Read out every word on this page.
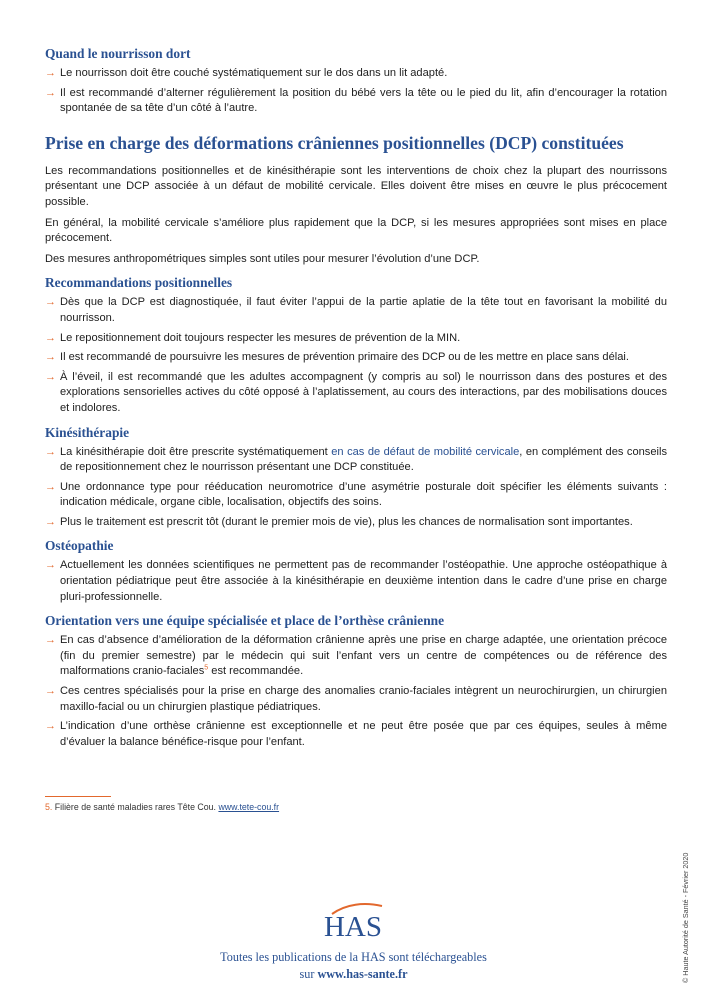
Quand le nourrisson dort
→ Le nourrisson doit être couché systématiquement sur le dos dans un lit adapté.
→ Il est recommandé d’alterner régulièrement la position du bébé vers la tête ou le pied du lit, afin d’encourager la rotation spontanée de sa tête d’un côté à l’autre.
Prise en charge des déformations crâniennes positionnelles (DCP) constituées
Les recommandations positionnelles et de kinésithérapie sont les interventions de choix chez la plupart des nourrissons présentant une DCP associée à un défaut de mobilité cervicale. Elles doivent être mises en œuvre le plus précocement possible.
En général, la mobilité cervicale s’améliore plus rapidement que la DCP, si les mesures appropriées sont mises en place précocement.
Des mesures anthropométriques simples sont utiles pour mesurer l’évolution d’une DCP.
Recommandations positionnelles
→ Dès que la DCP est diagnostiquée, il faut éviter l’appui de la partie aplatie de la tête tout en favorisant la mobilité du nourrisson.
→ Le repositionnement doit toujours respecter les mesures de prévention de la MIN.
→ Il est recommandé de poursuivre les mesures de prévention primaire des DCP ou de les mettre en place sans délai.
→ À l’éveil, il est recommandé que les adultes accompagnent (y compris au sol) le nourrisson dans des postures et des explorations sensorielles actives du côté opposé à l’aplatissement, au cours des interactions, par des mobilisations douces et indolores.
Kinésithérapie
→ La kinésithérapie doit être prescrite systématiquement en cas de défaut de mobilité cervicale, en complément des conseils de repositionnement chez le nourrisson présentant une DCP constituée.
→ Une ordonnance type pour rééducation neuromotrice d’une asymétrie posturale doit spécifier les éléments suivants : indication médicale, organe cible, localisation, objectifs des soins.
→ Plus le traitement est prescrit tôt (durant le premier mois de vie), plus les chances de normalisation sont importantes.
Ostéopathie
→ Actuellement les données scientifiques ne permettent pas de recommander l’ostéopathie. Une approche ostéopathique à orientation pédiatrique peut être associée à la kinésithérapie en deuxième intention dans le cadre d’une prise en charge pluri-professionnelle.
Orientation vers une équipe spécialisée et place de l’orthèse crânienne
→ En cas d’absence d’amélioration de la déformation crânienne après une prise en charge adaptée, une orientation précoce (fin du premier semestre) par le médecin qui suit l’enfant vers un centre de compétences ou de référence des malformations cranio-faciales$^5$ est recommandée.
→ Ces centres spécialisés pour la prise en charge des anomalies cranio-faciales intègrent un neurochirurgien, un chirurgien maxillo-facial ou un chirurgien plastique pédiatriques.
→ L’indication d’une orthèse crânienne est exceptionnelle et ne peut être posée que par ces équipes, seules à même d’évaluer la balance bénéfice-risque pour l’enfant.
5. Filière de santé maladies rares Tête Cou. www.tete-cou.fr
© Haute Autorité de Santé - Février 2020
HAS
Toutes les publications de la HAS sont téléchargeables
sur www.has-sante.fr
